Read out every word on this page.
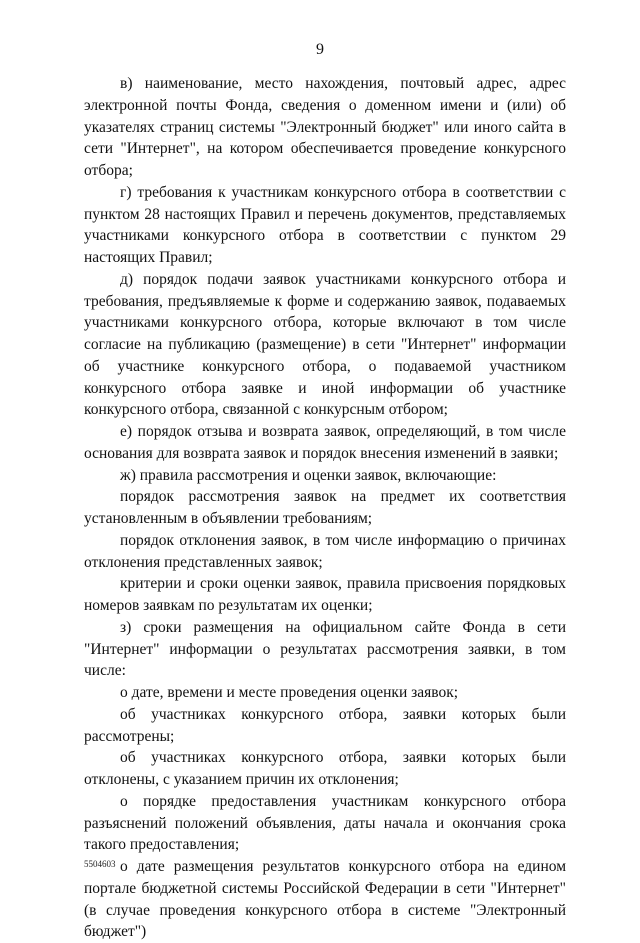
9

в) наименование, место нахождения, почтовый адрес, адрес электронной почты Фонда, сведения о доменном имени и (или) об указателях страниц системы "Электронный бюджет" или иного сайта в сети "Интернет", на котором обеспечивается проведение конкурсного отбора;

г) требования к участникам конкурсного отбора в соответствии с пунктом 28 настоящих Правил и перечень документов, представляемых участниками конкурсного отбора в соответствии с пунктом 29 настоящих Правил;

д) порядок подачи заявок участниками конкурсного отбора и требования, предъявляемые к форме и содержанию заявок, подаваемых участниками конкурсного отбора, которые включают в том числе согласие на публикацию (размещение) в сети "Интернет" информации об участнике конкурсного отбора, о подаваемой участником конкурсного отбора заявке и иной информации об участнике конкурсного отбора, связанной с конкурсным отбором;

е) порядок отзыва и возврата заявок, определяющий, в том числе основания для возврата заявок и порядок внесения изменений в заявки;

ж) правила рассмотрения и оценки заявок, включающие:

порядок рассмотрения заявок на предмет их соответствия установленным в объявлении требованиям;

порядок отклонения заявок, в том числе информацию о причинах отклонения представленных заявок;

критерии и сроки оценки заявок, правила присвоения порядковых номеров заявкам по результатам их оценки;

з) сроки размещения на официальном сайте Фонда в сети "Интернет" информации о результатах рассмотрения заявки, в том числе:

о дате, времени и месте проведения оценки заявок;

об участниках конкурсного отбора, заявки которых были рассмотрены;

об участниках конкурсного отбора, заявки которых были отклонены, с указанием причин их отклонения;

о порядке предоставления участникам конкурсного отбора разъяснений положений объявления, даты начала и окончания срока такого предоставления;

о дате размещения результатов конкурсного отбора на едином портале бюджетной системы Российской Федерации в сети "Интернет" (в случае проведения конкурсного отбора в системе "Электронный бюджет")

5504603
